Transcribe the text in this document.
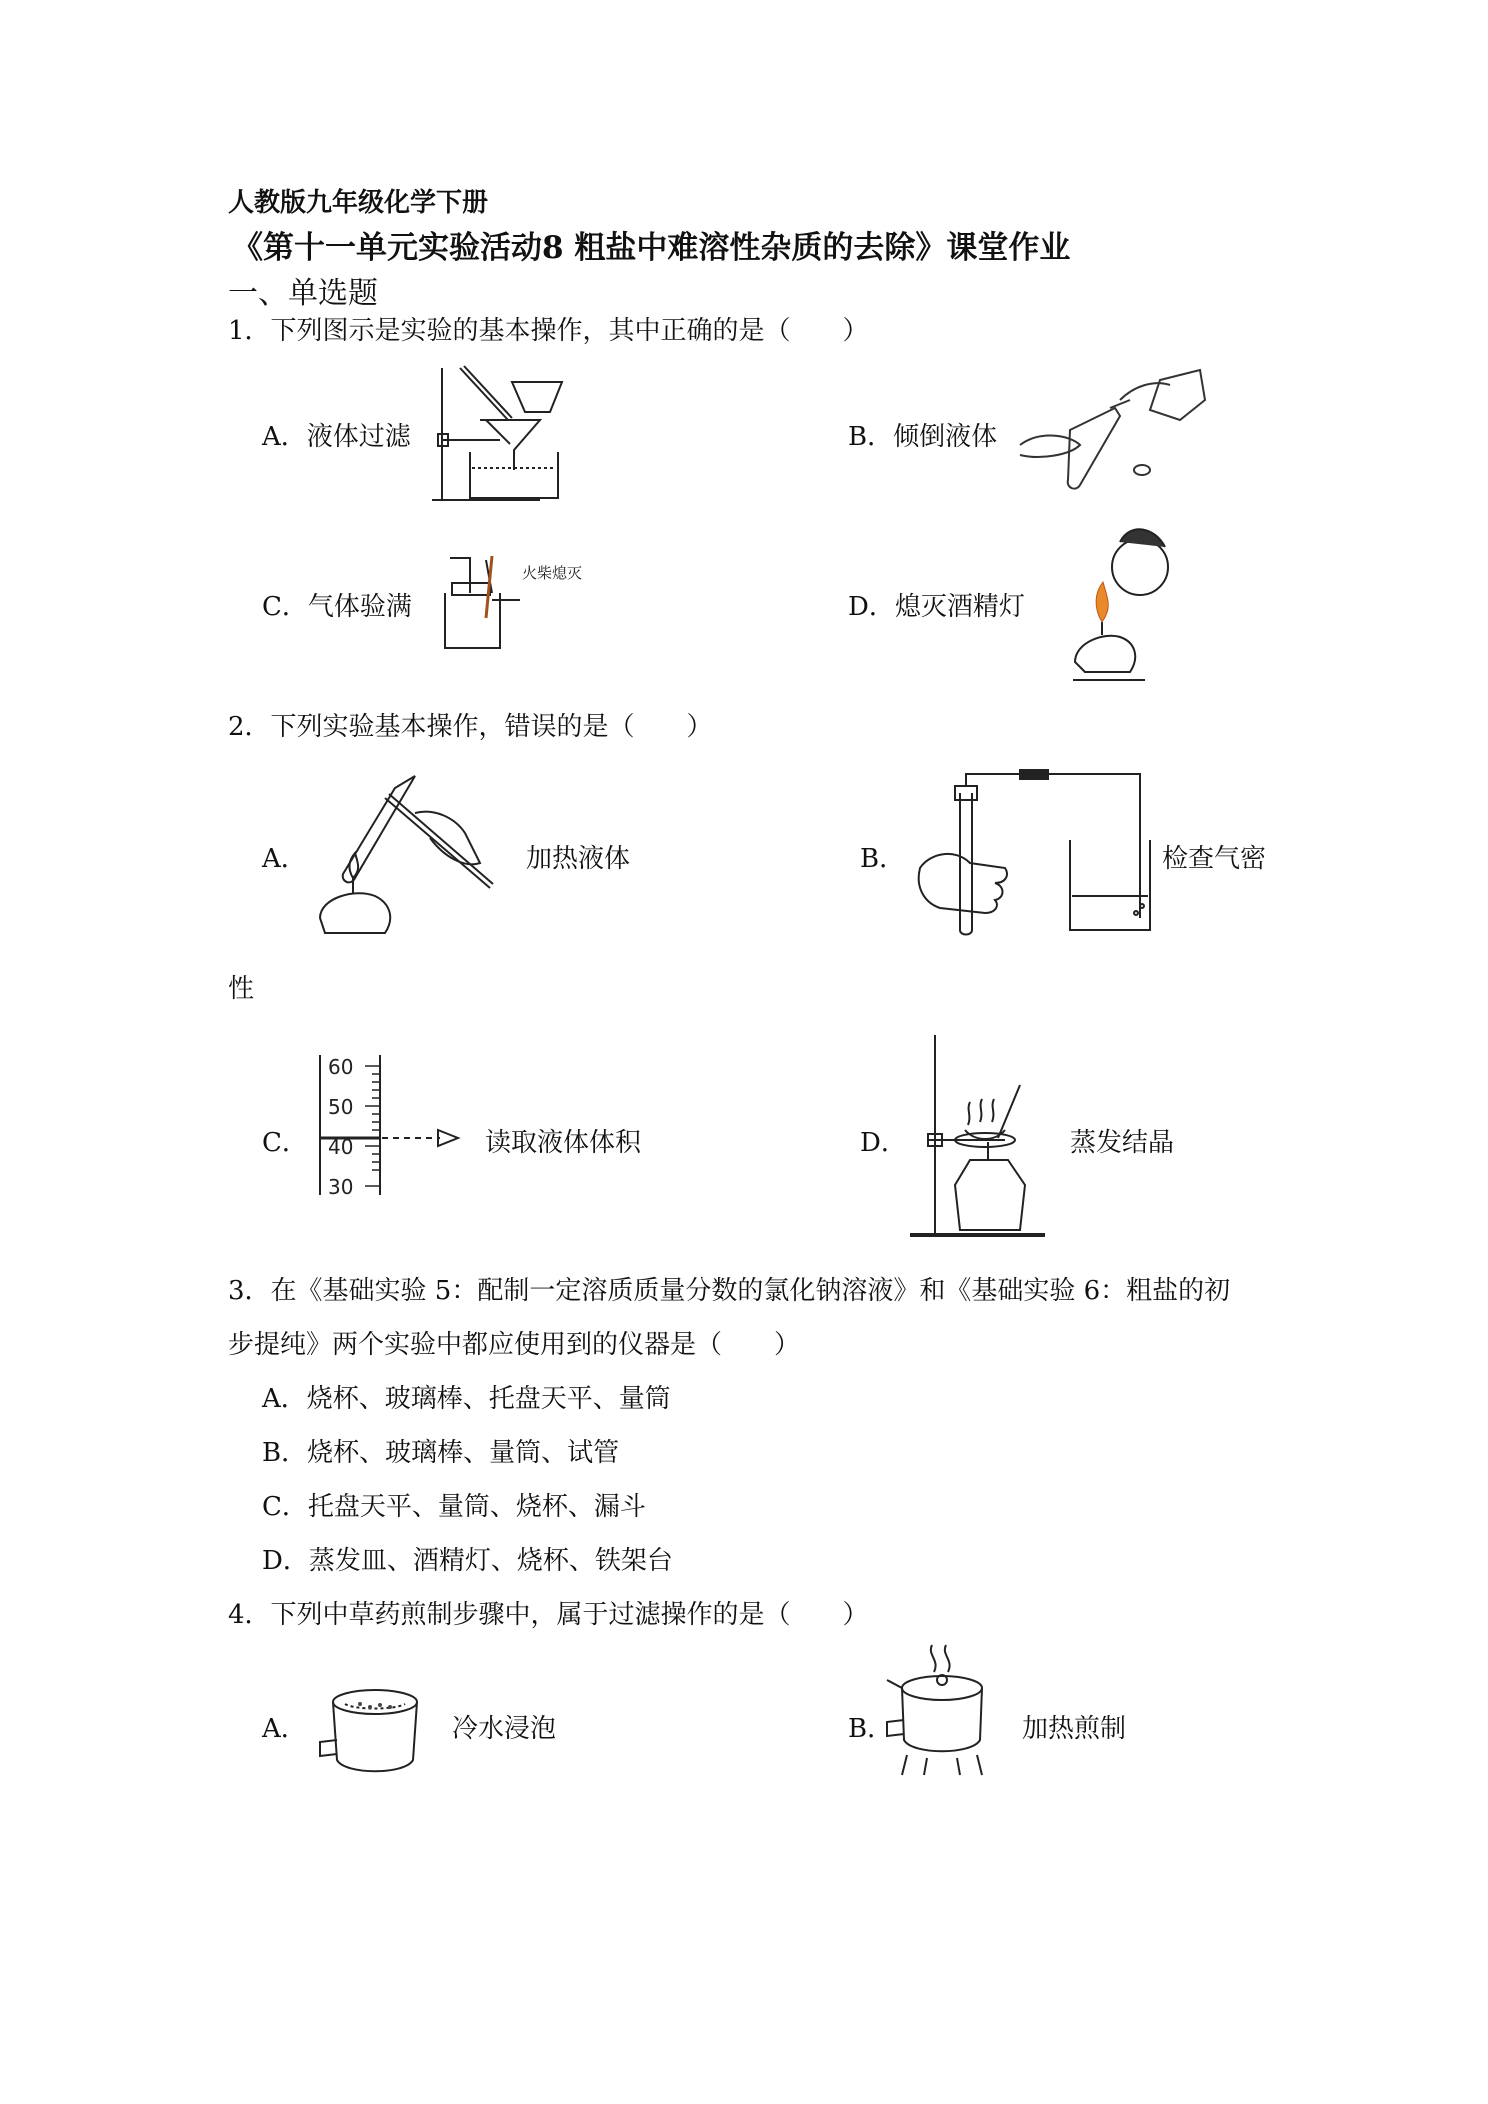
人教版九年级化学下册
《第十一单元实验活动8 粗盐中难溶性杂质的去除》课堂作业
一、单选题
1．下列图示是实验的基本操作，其中正确的是（　　）
A．液体过滤	B．倾倒液体
C．气体验满	D．熄灭酒精灯
火柴熄灭
2．下列实验基本操作，错误的是（　　）
A．	加热液体	B．	检查气密
性
C．	读取液体体积	D．	蒸发结晶
60
50
40
30
3．在《基础实验 5：配制一定溶质质量分数的氯化钠溶液》和《基础实验 6：粗盐的初
步提纯》两个实验中都应使用到的仪器是（　　）
A．烧杯、玻璃棒、托盘天平、量筒
B．烧杯、玻璃棒、量筒、试管
C．托盘天平、量筒、烧杯、漏斗
D．蒸发皿、酒精灯、烧杯、铁架台
4．下列中草药煎制步骤中，属于过滤操作的是（　　）
A．	冷水浸泡	B．	加热煎制
